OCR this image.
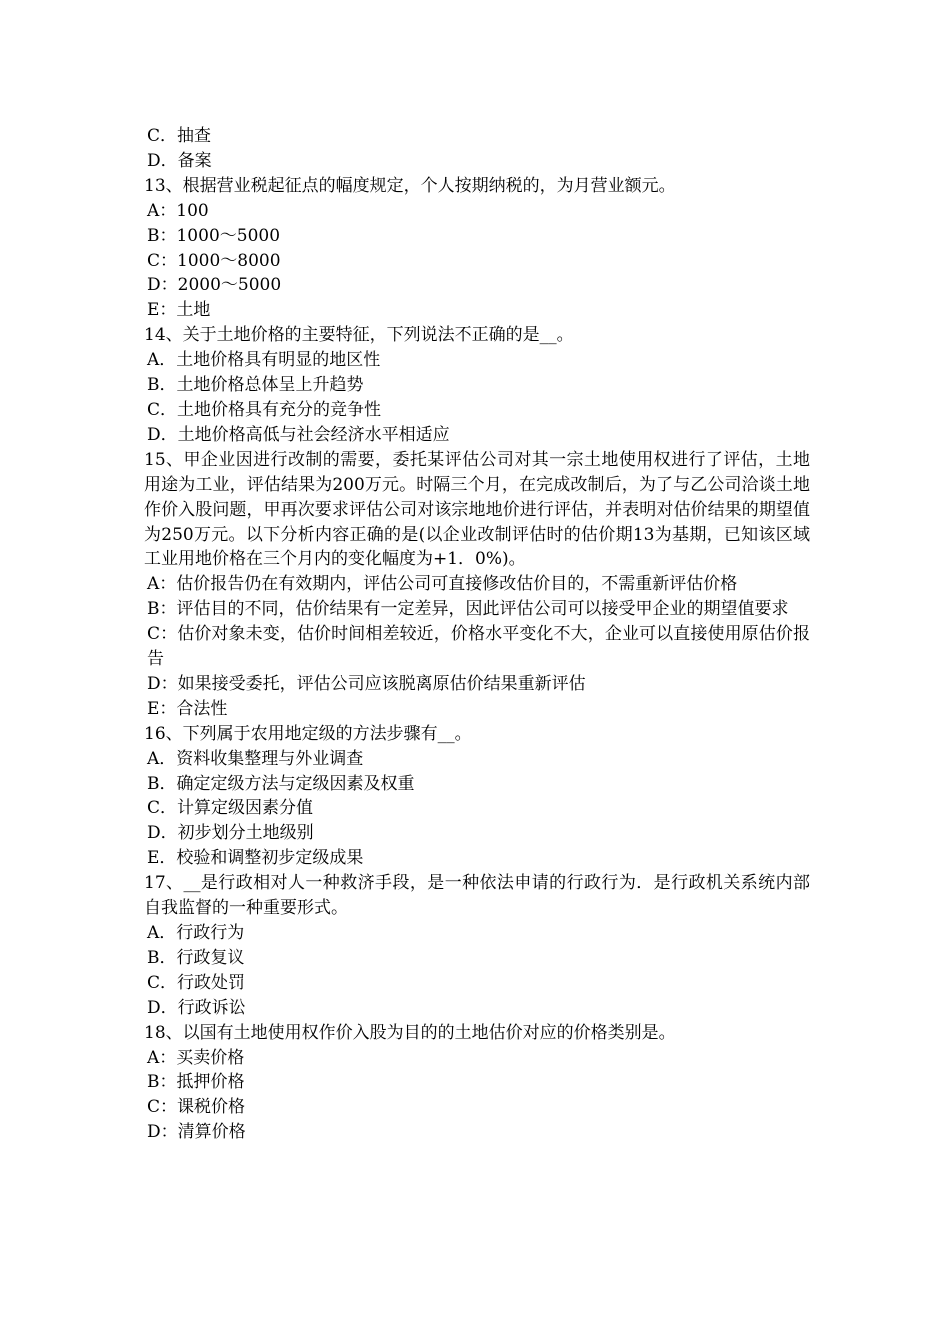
C．抽查
D．备案
13、根据营业税起征点的幅度规定，个人按期纳税的，为月营业额元。
A：100
B：1000～5000
C：1000～8000
D：2000～5000
E：土地
14、关于土地价格的主要特征，下列说法不正确的是__。
A．土地价格具有明显的地区性
B．土地价格总体呈上升趋势
C．土地价格具有充分的竞争性
D．土地价格高低与社会经济水平相适应
15、甲企业因进行改制的需要，委托某评估公司对其一宗土地使用权进行了评估，土地用途为工业，评估结果为200万元。时隔三个月，在完成改制后，为了与乙公司洽谈土地作价入股问题，甲再次要求评估公司对该宗地地价进行评估，并表明对估价结果的期望值为250万元。以下分析内容正确的是(以企业改制评估时的估价期13为基期，已知该区域工业用地价格在三个月内的变化幅度为+1．0%)。
A：估价报告仍在有效期内，评估公司可直接修改估价目的，不需重新评估价格
B：评估目的不同，估价结果有一定差异，因此评估公司可以接受甲企业的期望值要求
C：估价对象未变，估价时间相差较近，价格水平变化不大，企业可以直接使用原估价报告
D：如果接受委托，评估公司应该脱离原估价结果重新评估
E：合法性
16、下列属于农用地定级的方法步骤有__。
A．资料收集整理与外业调查
B．确定定级方法与定级因素及权重
C．计算定级因素分值
D．初步划分土地级别
E．校验和调整初步定级成果
17、__是行政相对人一种救济手段，是一种依法申请的行政行为．是行政机关系统内部自我监督的一种重要形式。
A．行政行为
B．行政复议
C．行政处罚
D．行政诉讼
18、以国有土地使用权作价入股为目的的土地估价对应的价格类别是。
A：买卖价格
B：抵押价格
C：课税价格
D：清算价格
